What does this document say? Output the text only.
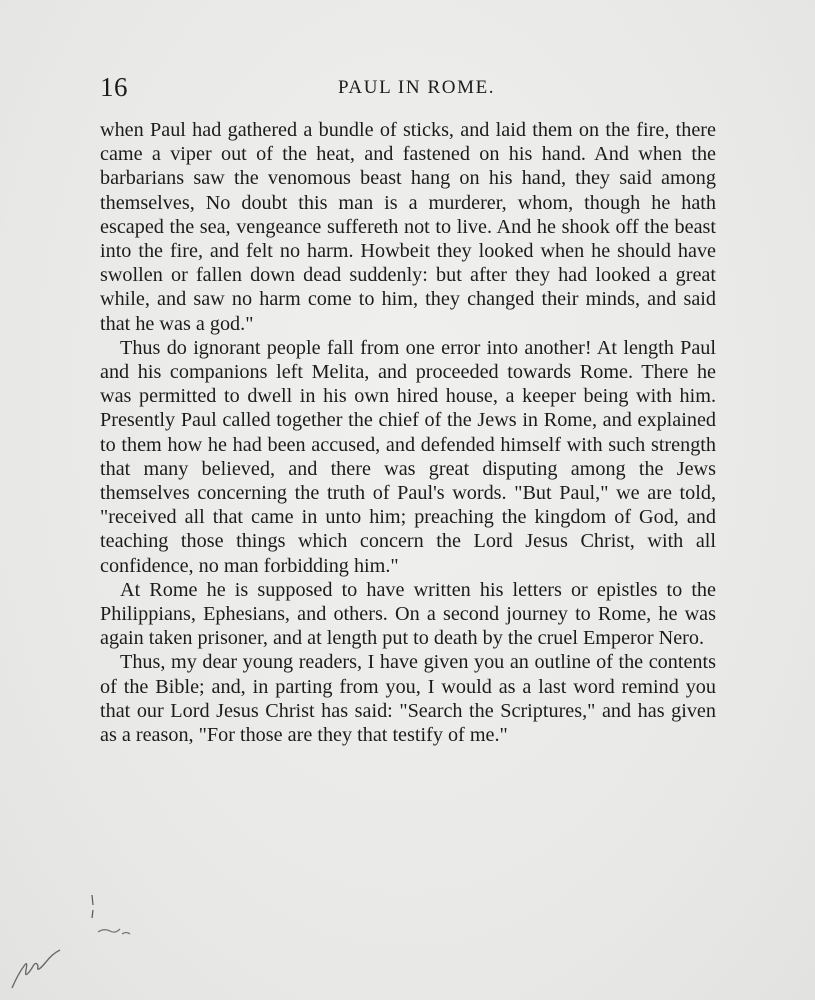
16	PAUL IN ROME.

when Paul had gathered a bundle of sticks, and laid them on the fire, there came a viper out of the heat, and fastened on his hand. And when the barbarians saw the venomous beast hang on his hand, they said among themselves, No doubt this man is a murderer, whom, though he hath escaped the sea, vengeance suffereth not to live. And he shook off the beast into the fire, and felt no harm. Howbeit they looked when he should have swollen or fallen down dead suddenly: but after they had looked a great while, and saw no harm come to him, they changed their minds, and said that he was a god."

Thus do ignorant people fall from one error into another! At length Paul and his companions left Melita, and proceeded towards Rome. There he was permitted to dwell in his own hired house, a keeper being with him. Presently Paul called together the chief of the Jews in Rome, and explained to them how he had been accused, and defended himself with such strength that many believed, and there was great disputing among the Jews themselves concerning the truth of Paul's words. "But Paul," we are told, "received all that came in unto him; preaching the kingdom of God, and teaching those things which concern the Lord Jesus Christ, with all confidence, no man forbidding him."

At Rome he is supposed to have written his letters or epistles to the Philippians, Ephesians, and others. On a second journey to Rome, he was again taken prisoner, and at length put to death by the cruel Emperor Nero.

Thus, my dear young readers, I have given you an outline of the contents of the Bible; and, in parting from you, I would as a last word remind you that our Lord Jesus Christ has said: "Search the Scriptures," and has given as a reason, "For those are they that testify of me."
